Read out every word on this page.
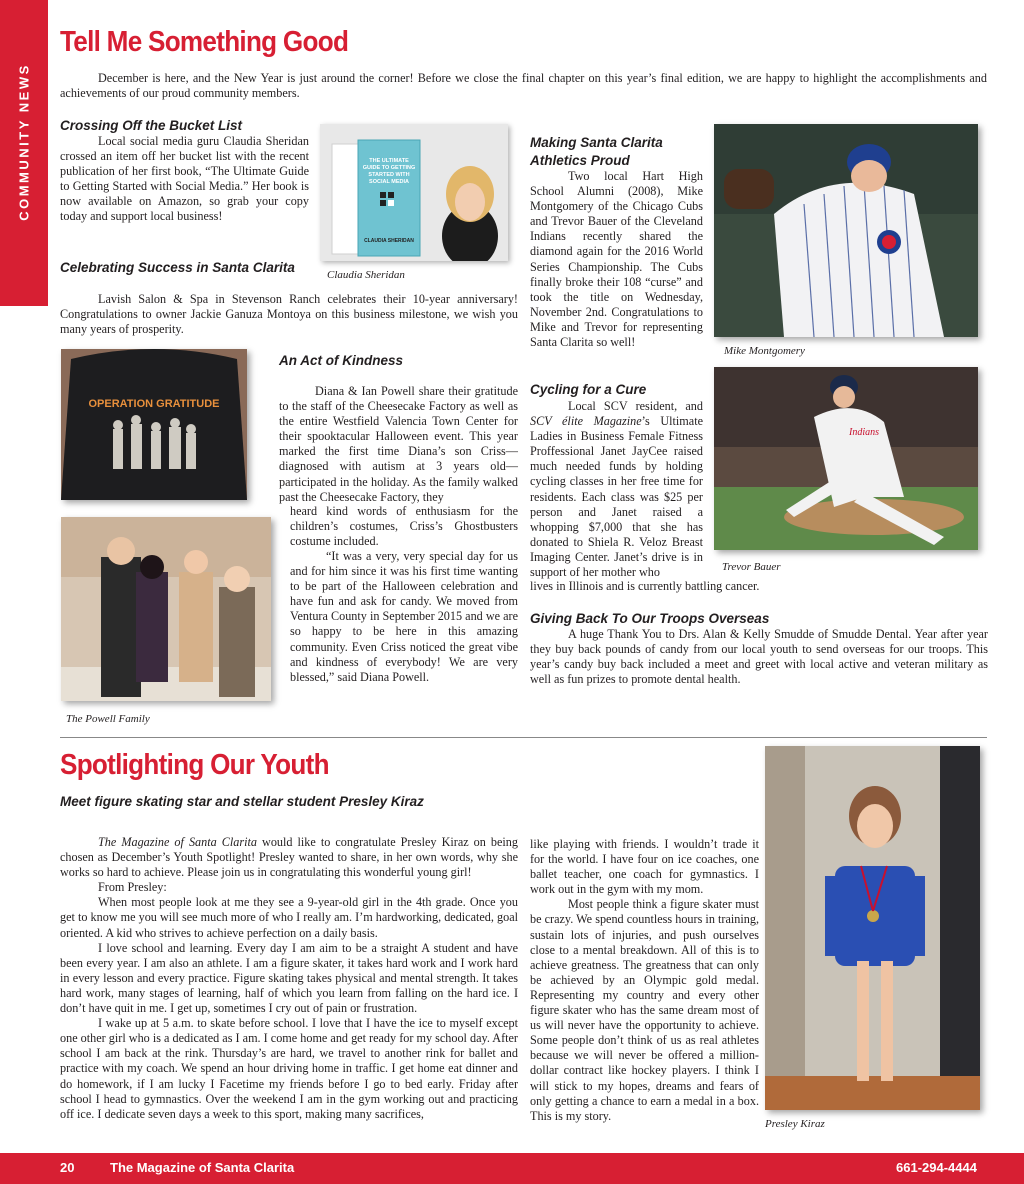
COMMUNITY NEWS
Tell Me Something Good

December is here, and the New Year is just around the corner! Before we close the final chapter on this year’s final edition, we are happy to highlight the accomplishments and achievements of our proud community members.

Crossing Off the Bucket List

Local social media guru Claudia Sheridan crossed an item off her bucket list with the recent publication of her first book, “The Ultimate Guide to Getting Started with Social Media.” Her book is now available on Amazon, so grab your copy today and support local business!

THE ULTIMATE
GUIDE TO GETTING
STARTED WITH
SOCIAL MEDIA
CLAUDIA SHERIDAN
Claudia Sheridan
Celebrating Success in Santa Clarita

Lavish Salon & Spa in Stevenson Ranch celebrates their 10-year anniversary! Congratulations to owner Jackie Ganuza Montoya on this business milestone, we wish you many years of prosperity.

OPERATION GRATITUDE
The Powell Family
An Act of Kindness

Diana & Ian Powell share their gratitude to the staff of the Cheesecake Factory as well as the entire Westfield Valencia Town Center for their spooktacular Halloween event. This year marked the first time Diana’s son Criss—diagnosed with autism at 3 years old—participated in the holiday. As the family walked past the Cheesecake Factory, they

heard kind words of enthusiasm for the children’s costumes, Criss’s Ghostbusters costume included.

“It was a very, very special day for us and for him since it was his first time wanting to be part of the Halloween celebration and have fun and ask for candy. We moved from Ventura County in September 2015 and we are so happy to be here in this amazing community. Even Criss noticed the great vibe and kindness of everybody! We are very blessed,” said Diana Powell.

Making Santa Clarita
Athletics Proud

Two local Hart High School Alumni (2008), Mike Montgomery of the Chicago Cubs and Trevor Bauer of the Cleveland Indians recently shared the diamond again for the 2016 World Series Championship. The Cubs finally broke their 108 “curse” and took the title on Wednesday, November 2nd. Congratulations to Mike and Trevor for representing Santa Clarita so well!

Mike Montgomery
Indians
Trevor Bauer
Cycling for a Cure

Local SCV resident, and SCV élite Magazine’s Ultimate Ladies in Business Female Fitness Proffessional Janet JayCee raised much needed funds by holding cycling classes in her free time for residents. Each class was $25 per person and Janet raised a whopping $7,000 that she has donated to Shiela R. Veloz Breast Imaging Center. Janet’s drive is in support of her mother who

lives in Illinois and is currently battling cancer.

Giving Back To Our Troops Overseas

A huge Thank You to Drs. Alan & Kelly Smudde of Smudde Dental. Year after year they buy back pounds of candy from our local youth to send overseas for our troops. This year’s candy buy back included a meet and greet with local active and veteran military as well as fun prizes to promote dental health.

Spotlighting Our Youth
Meet figure skating star and stellar student Presley Kiraz

The Magazine of Santa Clarita would like to congratulate Presley Kiraz on being chosen as December’s Youth Spotlight! Presley wanted to share, in her own words, why she works so hard to achieve. Please join us in congratulating this wonderful young girl!

From Presley:

When most people look at me they see a 9-year-old girl in the 4th grade. Once you get to know me you will see much more of who I really am. I’m hardworking, dedicated, goal oriented. A kid who strives to achieve perfection on a daily basis.

I love school and learning. Every day I am aim to be a straight A student and have been every year. I am also an athlete. I am a figure skater, it takes hard work and I work hard in every lesson and every practice. Figure skating takes physical and mental strength. It takes hard work, many stages of learning, half of which you learn from falling on the hard ice. I don’t have quit in me. I get up, sometimes I cry out of pain or frustration.

I wake up at 5 a.m. to skate before school. I love that I have the ice to myself except one other girl who is a dedicated as I am. I come home and get ready for my school day. After school I am back at the rink. Thursday’s are hard, we travel to another rink for ballet and practice with my coach. We spend an hour driving home in traffic. I get home eat dinner and do homework, if I am lucky I Facetime my friends before I go to bed early. Friday after school I head to gymnastics. Over the weekend I am in the gym working out and practicing off ice. I dedicate seven days a week to this sport, making many sacrifices,

like playing with friends. I wouldn’t trade it for the world. I have four on ice coaches, one ballet teacher, one coach for gymnastics. I work out in the gym with my mom.

Most people think a figure skater must be crazy. We spend countless hours in training, sustain lots of injuries, and push ourselves close to a mental breakdown. All of this is to achieve greatness. The greatness that can only be achieved by an Olympic gold medal. Representing my country and every other figure skater who has the same dream most of us will never have the opportunity to achieve. Some people don’t think of us as real athletes because we will never be offered a million-dollar contract like hockey players. I think I will stick to my hopes, dreams and fears of only getting a chance to earn a medal in a box. This is my story.

Presley Kiraz
20	The Magazine of Santa Clarita	661-294-4444
